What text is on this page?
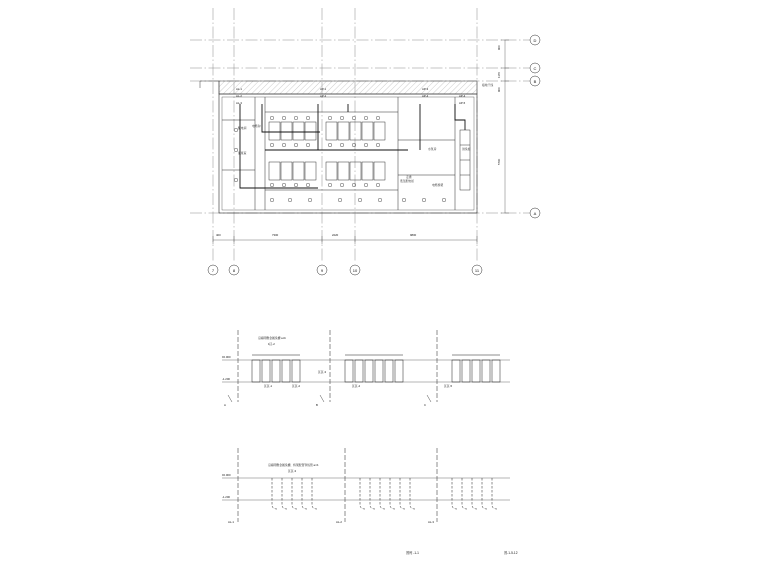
AL-1
AL-2
AL-3
AP-1
AP-2
AP-3
AP-4	AP-4
AP-5
接地干线
电缆沟
低压配电柜
电缆桥架
配电间
值班室
走道
水泵房	进线柜
400	7300	2220	9800
900
1170
900
5700
7	8	9	10	11
D
C
B
A
沿墙明敷金属线槽 a×b
1区-2
±0.000
-1.200
区区-1	区区-2
区区-3
区区-4	区区-5
A	B	C
沿墙明敷金属线槽、桥架配管穿线管 a×b
区区-3
±0.000
-1.200
AL-1	AL-2	AL-3
图例 -1-1	图-1-5-12
